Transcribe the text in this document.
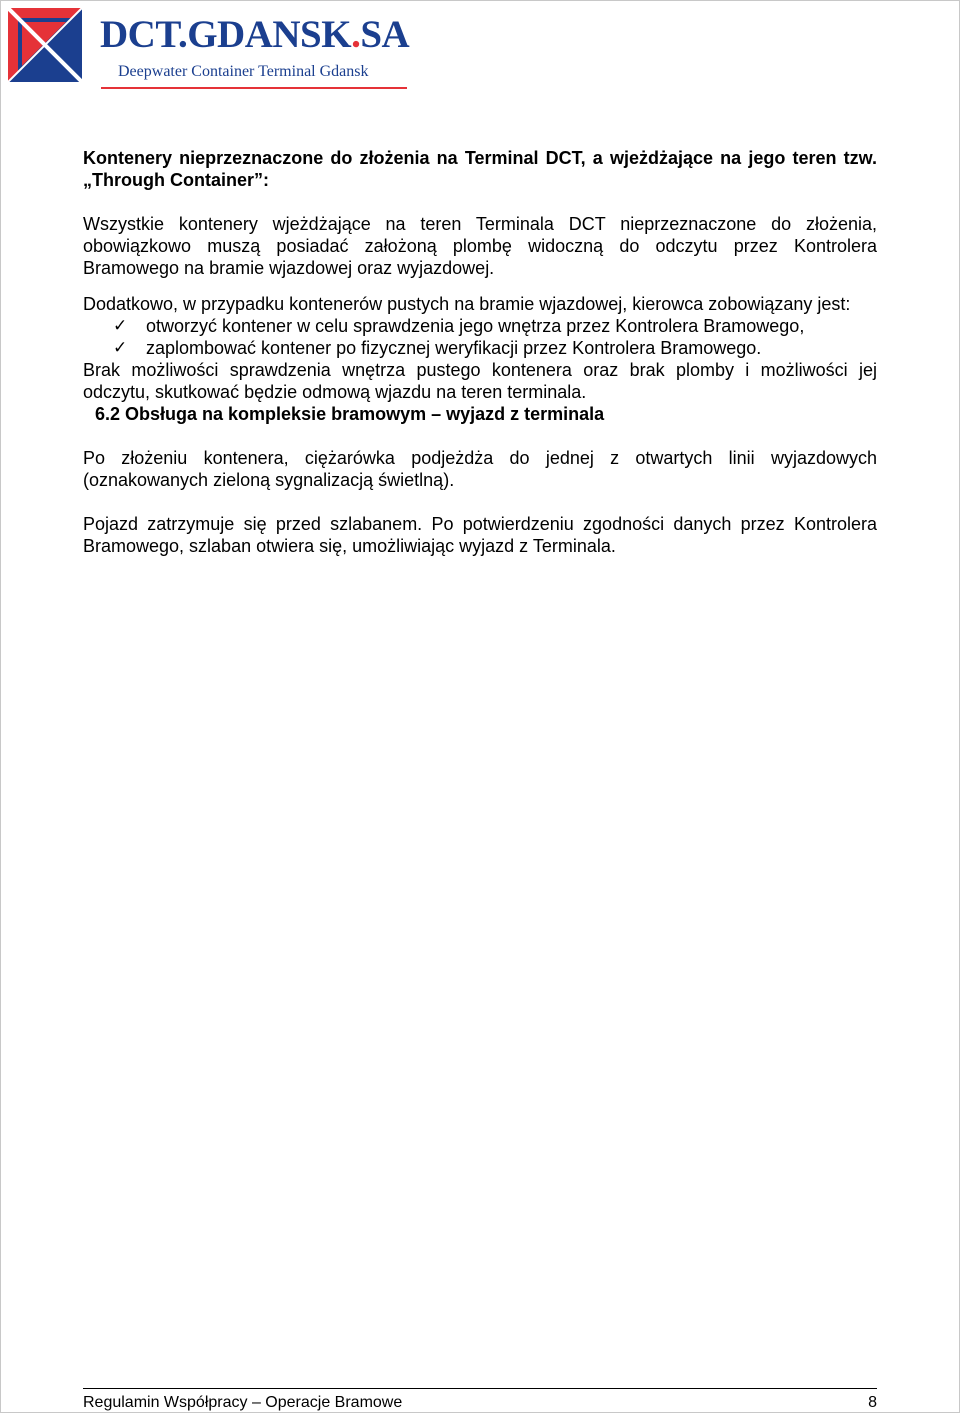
DCT.GDANSK.SA
Deepwater Container Terminal Gdansk

Kontenery nieprzeznaczone do złożenia na Terminal DCT, a wjeżdżające na jego teren tzw. „Through Container”:

Wszystkie kontenery wjeżdżające na teren Terminala DCT nieprzeznaczone do złożenia, obowiązkowo muszą posiadać założoną plombę widoczną do odczytu przez Kontrolera Bramowego na bramie wjazdowej oraz wyjazdowej.

Dodatkowo, w przypadku kontenerów pustych na bramie wjazdowej, kierowca zobowiązany jest:

✓ otworzyć kontener w celu sprawdzenia jego wnętrza przez Kontrolera Bramowego,
✓ zaplombować kontener po fizycznej weryfikacji przez Kontrolera Bramowego.

Brak możliwości sprawdzenia wnętrza pustego kontenera oraz brak plomby i możliwości jej odczytu, skutkować będzie odmową wjazdu na teren terminala.

6.2 Obsługa na kompleksie bramowym – wyjazd z terminala

Po złożeniu kontenera, ciężarówka podjeżdża do jednej z otwartych linii wyjazdowych (oznakowanych zieloną sygnalizacją świetlną).

Pojazd zatrzymuje się przed szlabanem. Po potwierdzeniu zgodności danych przez Kontrolera Bramowego, szlaban otwiera się, umożliwiając wyjazd z Terminala.

Regulamin Współpracy – Operacje Bramowe	8
